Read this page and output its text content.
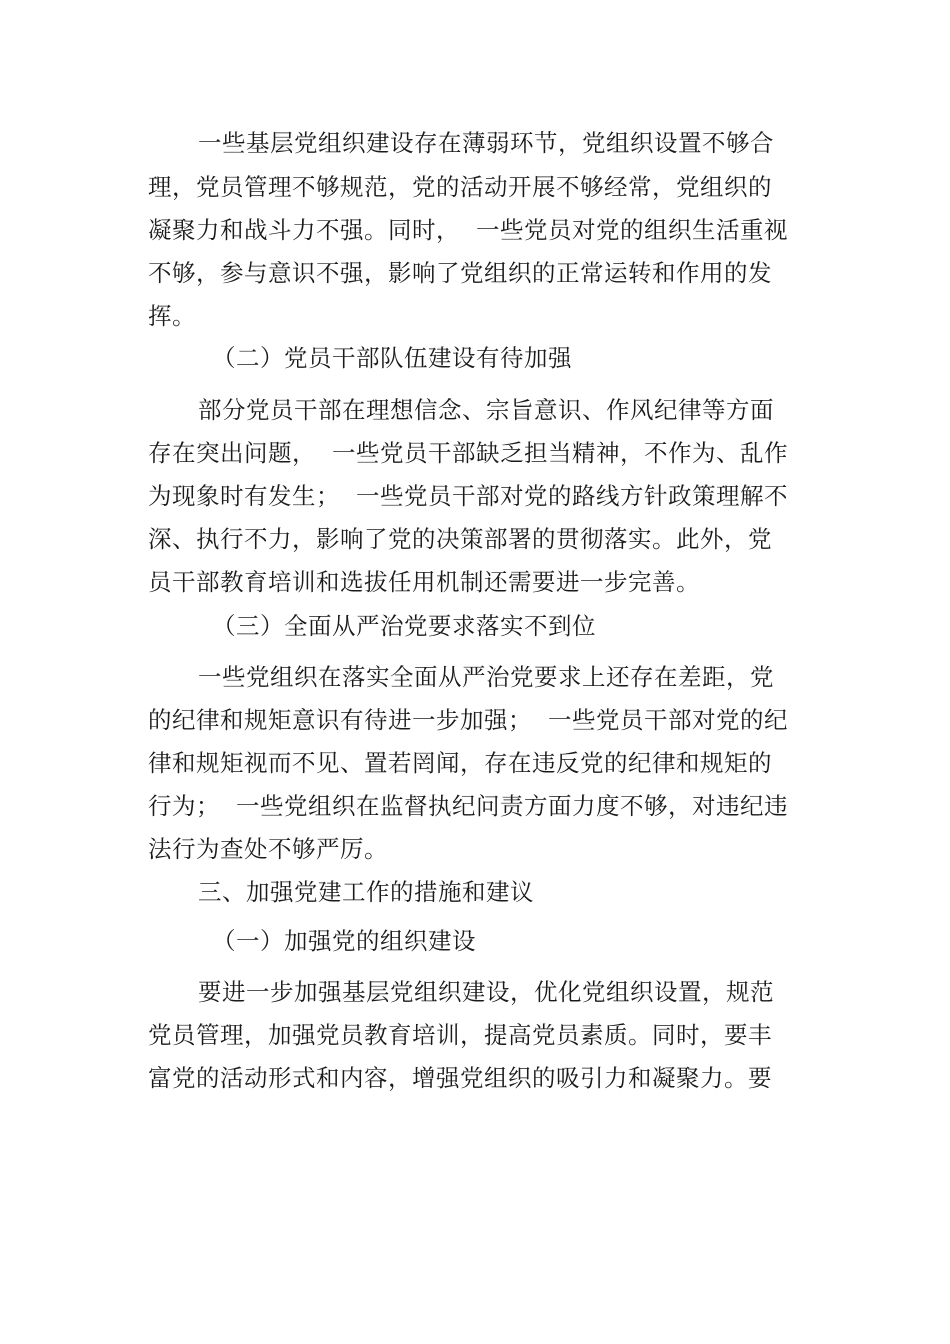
一些基层党组织建设存在薄弱环节，党组织设置不够合
理，党员管理不够规范，党的活动开展不够经常，党组织的
凝聚力和战斗力不强。同时，  一些党员对党的组织生活重视
不够，参与意识不强，影响了党组织的正常运转和作用的发
挥。
（二）党员干部队伍建设有待加强
部分党员干部在理想信念、宗旨意识、作风纪律等方面
存在突出问题，  一些党员干部缺乏担当精神，不作为、乱作
为现象时有发生；  一些党员干部对党的路线方针政策理解不
深、执行不力，影响了党的决策部署的贯彻落实。此外，党
员干部教育培训和选拔任用机制还需要进一步完善。
（三）全面从严治党要求落实不到位
一些党组织在落实全面从严治党要求上还存在差距，党
的纪律和规矩意识有待进一步加强；  一些党员干部对党的纪
律和规矩视而不见、置若罔闻，存在违反党的纪律和规矩的
行为；  一些党组织在监督执纪问责方面力度不够，对违纪违
法行为查处不够严厉。
三、加强党建工作的措施和建议
（一）加强党的组织建设
要进一步加强基层党组织建设，优化党组织设置，规范
党员管理，加强党员教育培训，提高党员素质。同时，要丰
富党的活动形式和内容，增强党组织的吸引力和凝聚力。要
